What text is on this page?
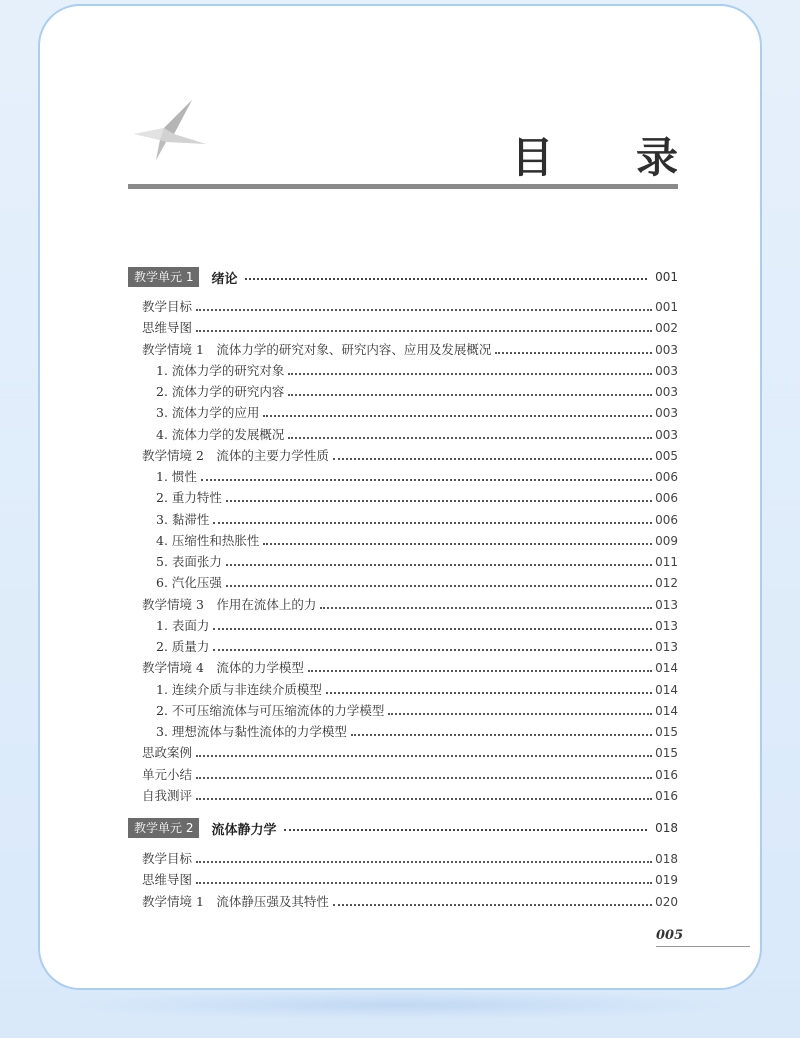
目 录
教学单元 1	绪论	001
教学目标	001
思维导图	002
教学情境 1　流体力学的研究对象、研究内容、应用及发展概况	003
1. 流体力学的研究对象	003
2. 流体力学的研究内容	003
3. 流体力学的应用	003
4. 流体力学的发展概况	003
教学情境 2　流体的主要力学性质	005
1. 惯性	006
2. 重力特性	006
3. 黏滞性	006
4. 压缩性和热胀性	009
5. 表面张力	011
6. 汽化压强	012
教学情境 3　作用在流体上的力	013
1. 表面力	013
2. 质量力	013
教学情境 4　流体的力学模型	014
1. 连续介质与非连续介质模型	014
2. 不可压缩流体与可压缩流体的力学模型	014
3. 理想流体与黏性流体的力学模型	015
思政案例	015
单元小结	016
自我测评	016
教学单元 2	流体静力学	018
教学目标	018
思维导图	019
教学情境 1　流体静压强及其特性	020
005
